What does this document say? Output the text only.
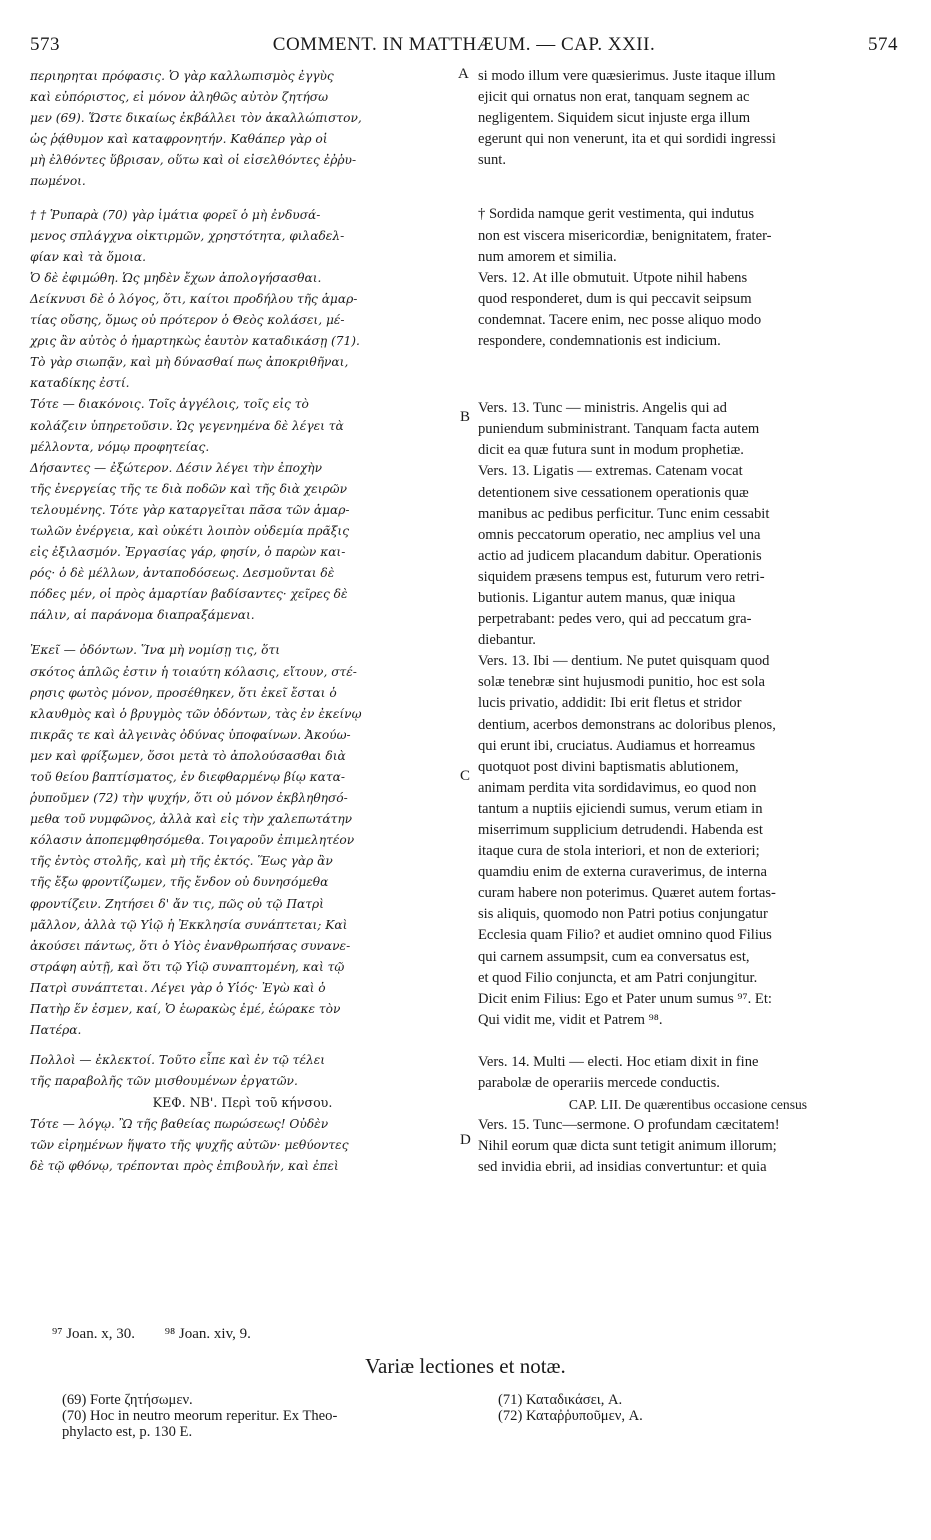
573	COMMENT. IN MATTHÆUM. — CAP. XXII.	574

περιηρηται πρόφασις. Ὁ γὰρ καλλωπισμὸς ἐγγὺς

καὶ εὐπόριστος, εἰ μόνον ἀληθῶς αὐτὸν ζητήσω

μεν (69). Ὥστε δικαίως ἐκβάλλει τὸν ἀκαλλώπιστον,

ὡς ῥᾴθυμον καὶ καταφρονητήν. Καθάπερ γὰρ οἱ

μὴ ἐλθόντες ὕβρισαν, οὕτω καὶ οἱ εἰσελθόντες ἐῤῥυ-

πωμένοι.

† † Ῥυπαρὰ (70) γὰρ ἱμάτια φορεῖ ὁ μὴ ἐνδυσά-

μενος σπλάγχνα οἰκτιρμῶν, χρηστότητα, φιλαδελ-

φίαν καὶ τὰ ὅμοια.

Ὁ δὲ ἐφιμώθη. Ὡς μηδὲν ἔχων ἀπολογήσασθαι.

Δείκνυσι δὲ ὁ λόγος, ὅτι, καίτοι προδήλου τῆς ἁμαρ-

τίας οὔσης, ὅμως οὐ πρότερον ὁ Θεὸς κολάσει, μέ-

χρις ἂν αὐτὸς ὁ ἡμαρτηκὼς ἑαυτὸν καταδικάσῃ (71).

Τὸ γὰρ σιωπᾷν, καὶ μὴ δύνασθαί πως ἀποκριθῆναι,

καταδίκης ἐστί.

Τότε — διακόνοις. Τοῖς ἀγγέλοις, τοῖς εἰς τὸ

κολάζειν ὑπηρετοῦσιν. Ὡς γεγενημένα δὲ λέγει τὰ

μέλλοντα, νόμῳ προφητείας.

Δήσαντες — ἐξώτερον. Δέσιν λέγει τὴν ἐποχὴν

τῆς ἐνεργείας τῆς τε διὰ ποδῶν καὶ τῆς διὰ χειρῶν

τελουμένης. Τότε γὰρ καταργεῖται πᾶσα τῶν ἁμαρ-

τωλῶν ἐνέργεια, καὶ οὐκέτι λοιπὸν οὐδεμία πρᾶξις

εἰς ἐξιλασμόν. Ἐργασίας γάρ, φησίν, ὁ παρὼν και-

ρός· ὁ δὲ μέλλων, ἀνταποδόσεως. Δεσμοῦνται δὲ

πόδες μέν, οἱ πρὸς ἁμαρτίαν βαδίσαντες· χεῖρες δὲ

πάλιν, αἱ παράνομα διαπραξάμεναι.

Ἐκεῖ — ὀδόντων. Ἵνα μὴ νομίσῃ τις, ὅτι

σκότος ἁπλῶς ἐστιν ἡ τοιαύτη κόλασις, εἴτουν, στέ-

ρησις φωτὸς μόνον, προσέθηκεν, ὅτι ἐκεῖ ἔσται ὁ

κλαυθμὸς καὶ ὁ βρυγμὸς τῶν ὀδόντων, τὰς ἐν ἐκείνῳ

πικρᾶς τε καὶ ἀλγεινὰς ὀδύνας ὑποφαίνων. Ἀκούω-

μεν καὶ φρίξωμεν, ὅσοι μετὰ τὸ ἀπολούσασθαι διὰ

τοῦ θείου βαπτίσματος, ἐν διεφθαρμένῳ βίῳ κατα-

ῥυποῦμεν (72) τὴν ψυχήν, ὅτι οὐ μόνον ἐκβληθησό-

μεθα τοῦ νυμφῶνος, ἀλλὰ καὶ εἰς τὴν χαλεπωτάτην

κόλασιν ἀποπεμφθησόμεθα. Τοιγαροῦν ἐπιμελητέον

τῆς ἐντὸς στολῆς, καὶ μὴ τῆς ἐκτός. Ἕως γὰρ ἂν

τῆς ἔξω φροντίζωμεν, τῆς ἔνδον οὐ δυνησόμεθα

φροντίζειν. Ζητήσει δ' ἄν τις, πῶς οὐ τῷ Πατρὶ

μᾶλλον, ἀλλὰ τῷ Υἱῷ ἡ Ἐκκλησία συνάπτεται; Καὶ

ἀκούσει πάντως, ὅτι ὁ Υἱὸς ἐνανθρωπήσας συνανε-

στράφη αὐτῇ, καὶ ὅτι τῷ Υἱῷ συναπτομένη, καὶ τῷ

Πατρὶ συνάπτεται. Λέγει γὰρ ὁ Υἱός· Ἐγὼ καὶ ὁ

Πατὴρ ἕν ἐσμεν, καί, Ὁ ἑωρακὼς ἐμέ, ἑώρακε τὸν

Πατέρα.

Πολλοὶ — ἐκλεκτοί. Τοῦτο εἶπε καὶ ἐν τῷ τέλει

τῆς παραβολῆς τῶν μισθουμένων ἐργατῶν.

ΚΕΦ. ΝΒ'. Περὶ τοῦ κήνσου.

Τότε — λόγῳ. Ὢ τῆς βαθείας πωρώσεως! Οὐδὲν

τῶν εἰρημένων ἥψατο τῆς ψυχῆς αὐτῶν· μεθύοντες

δὲ τῷ φθόνῳ, τρέπονται πρὸς ἐπιβουλήν, καὶ ἐπεὶ

si modo illum vere quæsierimus. Juste itaque illum

ejicit qui ornatus non erat, tanquam segnem ac

negligentem. Siquidem sicut injuste erga illum

egerunt qui non venerunt, ita et qui sordidi ingressi

sunt.

† Sordida namque gerit vestimenta, qui indutus

non est viscera misericordiæ, benignitatem, frater-

num amorem et similia.

Vers. 12. At ille obmutuit. Utpote nihil habens

quod responderet, dum is qui peccavit seipsum

condemnat. Tacere enim, nec posse aliquo modo

respondere, condemnationis est indicium.

Vers. 13. Tunc — ministris. Angelis qui ad

puniendum subministrant. Tanquam facta autem

dicit ea quæ futura sunt in modum prophetiæ.

Vers. 13. Ligatis — extremas. Catenam vocat

detentionem sive cessationem operationis quæ

manibus ac pedibus perficitur. Tunc enim cessabit

omnis peccatorum operatio, nec amplius vel una

actio ad judicem placandum dabitur. Operationis

siquidem præsens tempus est, futurum vero retri-

butionis. Ligantur autem manus, quæ iniqua

perpetrabant: pedes vero, qui ad peccatum gra-

diebantur.

Vers. 13. Ibi — dentium. Ne putet quisquam quod

solæ tenebræ sint hujusmodi punitio, hoc est sola

lucis privatio, addidit: Ibi erit fletus et stridor

dentium, acerbos demonstrans ac doloribus plenos,

qui erunt ibi, cruciatus. Audiamus et horreamus

quotquot post divini baptismatis ablutionem,

animam perdita vita sordidavimus, eo quod non

tantum a nuptiis ejiciendi sumus, verum etiam in

miserrimum supplicium detrudendi. Habenda est

itaque cura de stola interiori, et non de exteriori;

quamdiu enim de externa curaverimus, de interna

curam habere non poterimus. Quæret autem fortas-

sis aliquis, quomodo non Patri potius conjungatur

Ecclesia quam Filio? et audiet omnino quod Filius

qui carnem assumpsit, cum ea conversatus est,

et quod Filio conjuncta, et am Patri conjungitur.

Dicit enim Filius: Ego et Pater unum sumus ⁹⁷. Et:

Qui vidit me, vidit et Patrem ⁹⁸.

Vers. 14. Multi — electi. Hoc etiam dixit in fine

parabolæ de operariis mercede conductis.

CAP. LII. De quærentibus occasione census

Vers. 15. Tunc—sermone. O profundam cæcitatem!

Nihil eorum quæ dicta sunt tetigit animum illorum;

sed invidia ebrii, ad insidias convertuntur: et quia

A
B
C
D
⁹⁷ Joan. x, 30. ⁹⁸ Joan. xiv, 9.
Variæ lectiones et notæ.
(69) Forte ζητήσωμεν.
(70) Hoc in neutro meorum reperitur. Ex Theo-
phylacto est, p. 130 E.
(71) Καταδικάσει, A.
(72) Καταῤῥυποῦμεν, A.
